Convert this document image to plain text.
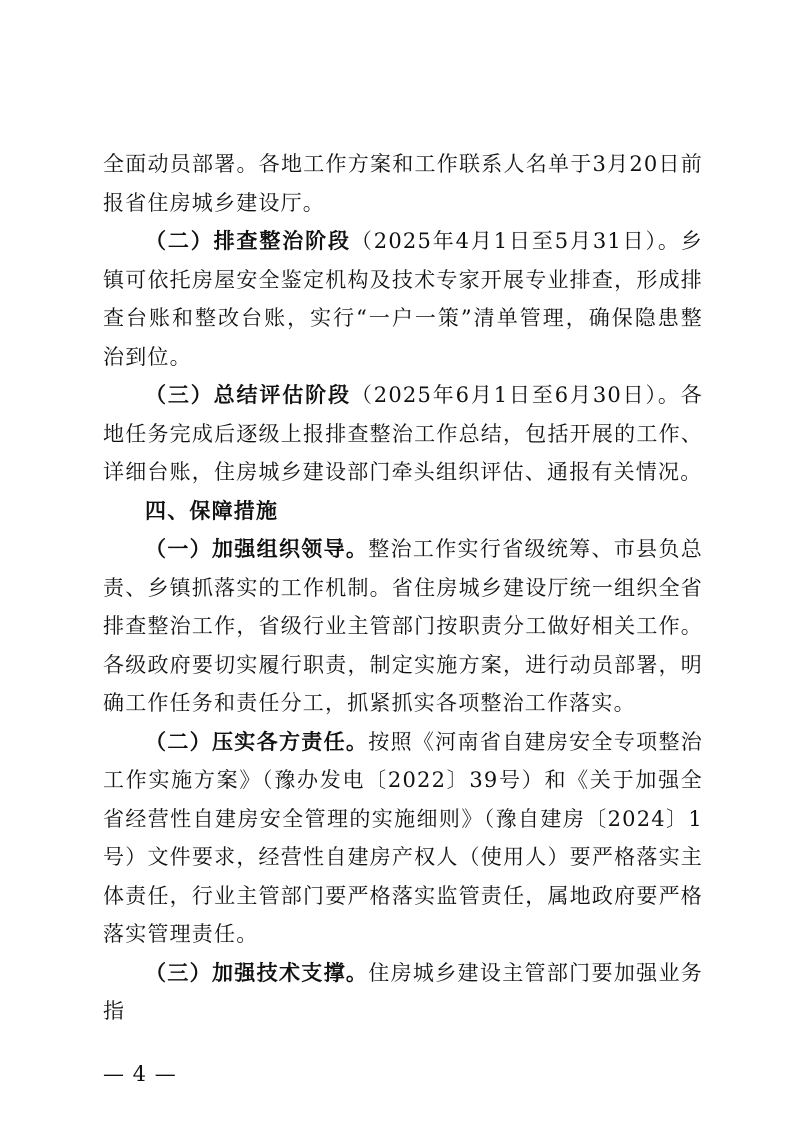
全面动员部署。各地工作方案和工作联系人名单于3月20日前报省住房城乡建设厅。

（二）排查整治阶段（2025年4月1日至5月31日）。乡镇可依托房屋安全鉴定机构及技术专家开展专业排查，形成排查台账和整改台账，实行“一户一策”清单管理，确保隐患整治到位。

（三）总结评估阶段（2025年6月1日至6月30日）。各地任务完成后逐级上报排查整治工作总结，包括开展的工作、详细台账，住房城乡建设部门牵头组织评估、通报有关情况。

四、保障措施

（一）加强组织领导。整治工作实行省级统筹、市县负总责、乡镇抓落实的工作机制。省住房城乡建设厅统一组织全省排查整治工作，省级行业主管部门按职责分工做好相关工作。各级政府要切实履行职责，制定实施方案，进行动员部署，明确工作任务和责任分工，抓紧抓实各项整治工作落实。

（二）压实各方责任。按照《河南省自建房安全专项整治工作实施方案》（豫办发电〔2022〕39号）和《关于加强全省经营性自建房安全管理的实施细则》（豫自建房〔2024〕1号）文件要求，经营性自建房产权人（使用人）要严格落实主体责任，行业主管部门要严格落实监管责任，属地政府要严格落实管理责任。

（三）加强技术支撑。住房城乡建设主管部门要加强业务指

— 4 —
